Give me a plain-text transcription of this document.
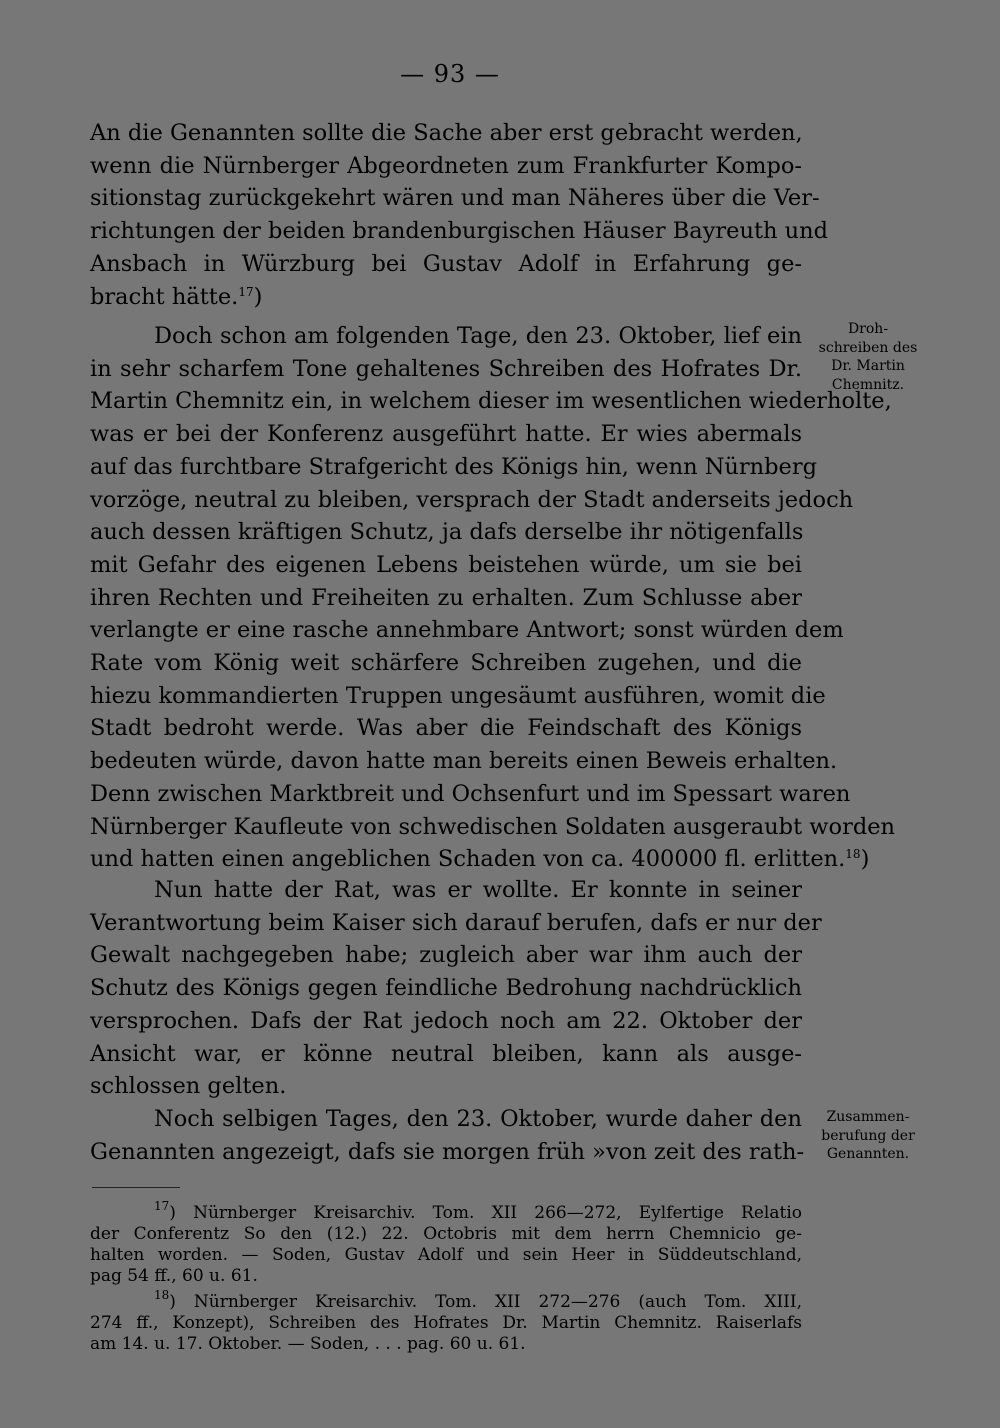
— 93 —
An die Genannten sollte die Sache aber erst gebracht werden,
wenn die Nürnberger Abgeordneten zum Frankfurter Kompo-
sitionstag zurückgekehrt wären und man Näheres über die Ver-
richtungen der beiden brandenburgischen Häuser Bayreuth und
Ansbach in Würzburg bei Gustav Adolf in Erfahrung ge-
bracht hätte.$^{17}$)
Doch schon am folgenden Tage, den 23. Oktober, lief ein
in sehr scharfem Tone gehaltenes Schreiben des Hofrates Dr.
Martin Chemnitz ein, in welchem dieser im wesentlichen wiederholte,
was er bei der Konferenz ausgeführt hatte. Er wies abermals
auf das furchtbare Strafgericht des Königs hin, wenn Nürnberg
vorzöge, neutral zu bleiben, versprach der Stadt anderseits jedoch
auch dessen kräftigen Schutz, ja dafs derselbe ihr nötigenfalls
mit Gefahr des eigenen Lebens beistehen würde, um sie bei
ihren Rechten und Freiheiten zu erhalten. Zum Schlusse aber
verlangte er eine rasche annehmbare Antwort; sonst würden dem
Rate vom König weit schärfere Schreiben zugehen, und die
hiezu kommandierten Truppen ungesäumt ausführen, womit die
Stadt bedroht werde. Was aber die Feindschaft des Königs
bedeuten würde, davon hatte man bereits einen Beweis erhalten.
Denn zwischen Marktbreit und Ochsenfurt und im Spessart waren
Nürnberger Kaufleute von schwedischen Soldaten ausgeraubt worden
und hatten einen angeblichen Schaden von ca. 400000 fl. erlitten.$^{18}$)
Nun hatte der Rat, was er wollte. Er konnte in seiner
Verantwortung beim Kaiser sich darauf berufen, dafs er nur der
Gewalt nachgegeben habe; zugleich aber war ihm auch der
Schutz des Königs gegen feindliche Bedrohung nachdrücklich
versprochen. Dafs der Rat jedoch noch am 22. Oktober der
Ansicht war, er könne neutral bleiben, kann als ausge-
schlossen gelten.
Noch selbigen Tages, den 23. Oktober, wurde daher den
Genannten angezeigt, dafs sie morgen früh »von zeit des rath-
Droh-
schreiben des
Dr. Martin
Chemnitz.
Zusammen-
berufung der
Genannten.
$^{17}$) Nürnberger Kreisarchiv. Tom. XII 266—272, Eylfertige Relatio
der Conferentz So den (12.) 22. Octobris mit dem herrn Chemnicio ge-
halten worden. — Soden, Gustav Adolf und sein Heer in Süddeutschland,
pag 54 ff., 60 u. 61.
$^{18}$) Nürnberger Kreisarchiv. Tom. XII 272—276 (auch Tom. XIII,
274 ff., Konzept), Schreiben des Hofrates Dr. Martin Chemnitz. Raiserlafs
am 14. u. 17. Oktober. — Soden, . . . pag. 60 u. 61.
